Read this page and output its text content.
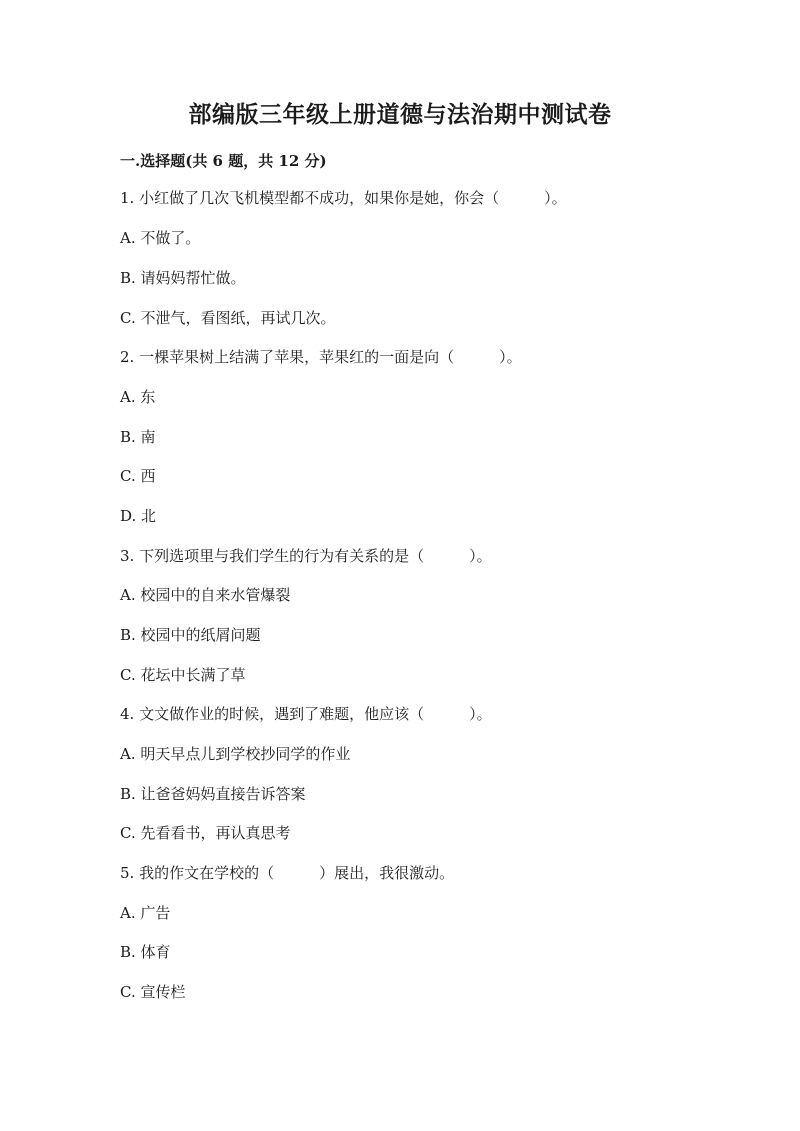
部编版三年级上册道德与法治期中测试卷
一.选择题(共 6 题，共 12 分)
1. 小红做了几次飞机模型都不成功，如果你是她，你会（　　　）。
A. 不做了。
B. 请妈妈帮忙做。
C. 不泄气，看图纸，再试几次。
2. 一棵苹果树上结满了苹果，苹果红的一面是向（　　　）。
A. 东
B. 南
C. 西
D. 北
3. 下列选项里与我们学生的行为有关系的是（　　　）。
A. 校园中的自来水管爆裂
B. 校园中的纸屑问题
C. 花坛中长满了草
4. 文文做作业的时候，遇到了难题，他应该（　　　）。
A. 明天早点儿到学校抄同学的作业
B. 让爸爸妈妈直接告诉答案
C. 先看看书，再认真思考
5. 我的作文在学校的（　　　）展出，我很激动。
A. 广告
B. 体育
C. 宣传栏
